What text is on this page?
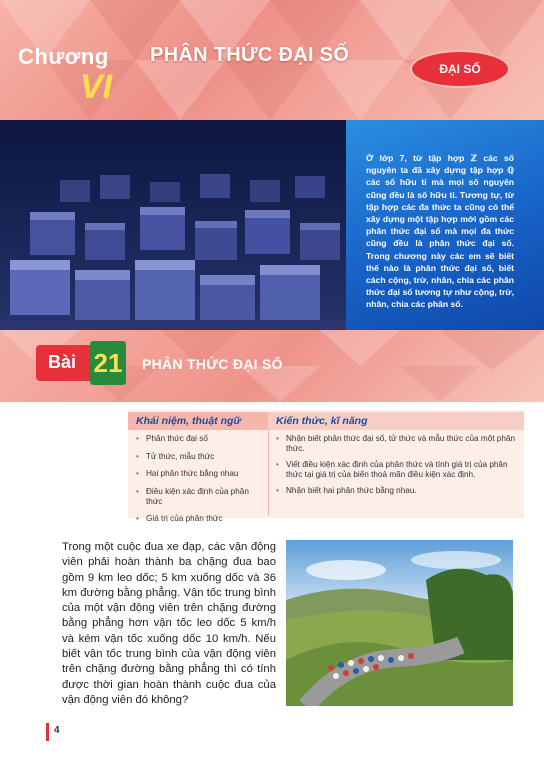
Chương
VI
PHÂN THỨC ĐẠI SỐ
ĐẠI SỐ
Ở lớp 7, từ tập hợp ℤ các số nguyên ta đã xây dựng tập hợp ℚ các số hữu tỉ mà mọi số nguyên cũng đều là số hữu tỉ. Tương tự, từ tập hợp các đa thức ta cũng có thể xây dựng một tập hợp mới gồm các phân thức đại số mà mọi đa thức cũng đều là phân thức đại số. Trong chương này các em sẽ biết thế nào là phân thức đại số, biết cách cộng, trừ, nhân, chia các phân thức đại số tương tự như cộng, trừ, nhân, chia các phân số.
Bài 21 PHÂN THỨC ĐẠI SỐ
Khái niệm, thuật ngữ	Kiến thức, kĩ năng
• Phân thức đại số
• Tử thức, mẫu thức
• Hai phân thức bằng nhau
• Điều kiện xác định của phân thức
• Giá trị của phân thức
• Nhận biết phân thức đại số, tử thức và mẫu thức của một phân thức.
• Viết điều kiện xác định của phân thức và tính giá trị của phân thức tại giá trị của biến thoả mãn điều kiện xác định.
• Nhận biết hai phân thức bằng nhau.
Trong một cuộc đua xe đạp, các vận động viên phải hoàn thành ba chặng đua bao gồm 9 km leo dốc; 5 km xuống dốc và 36 km đường bằng phẳng. Vận tốc trung bình của một vận động viên trên chặng đường bằng phẳng hơn vận tốc leo dốc 5 km/h và kém vận tốc xuống dốc 10 km/h. Nếu biết vận tốc trung bình của vận động viên trên chặng đường bằng phẳng thì có tính được thời gian hoàn thành cuộc đua của vận động viên đó không?
4
